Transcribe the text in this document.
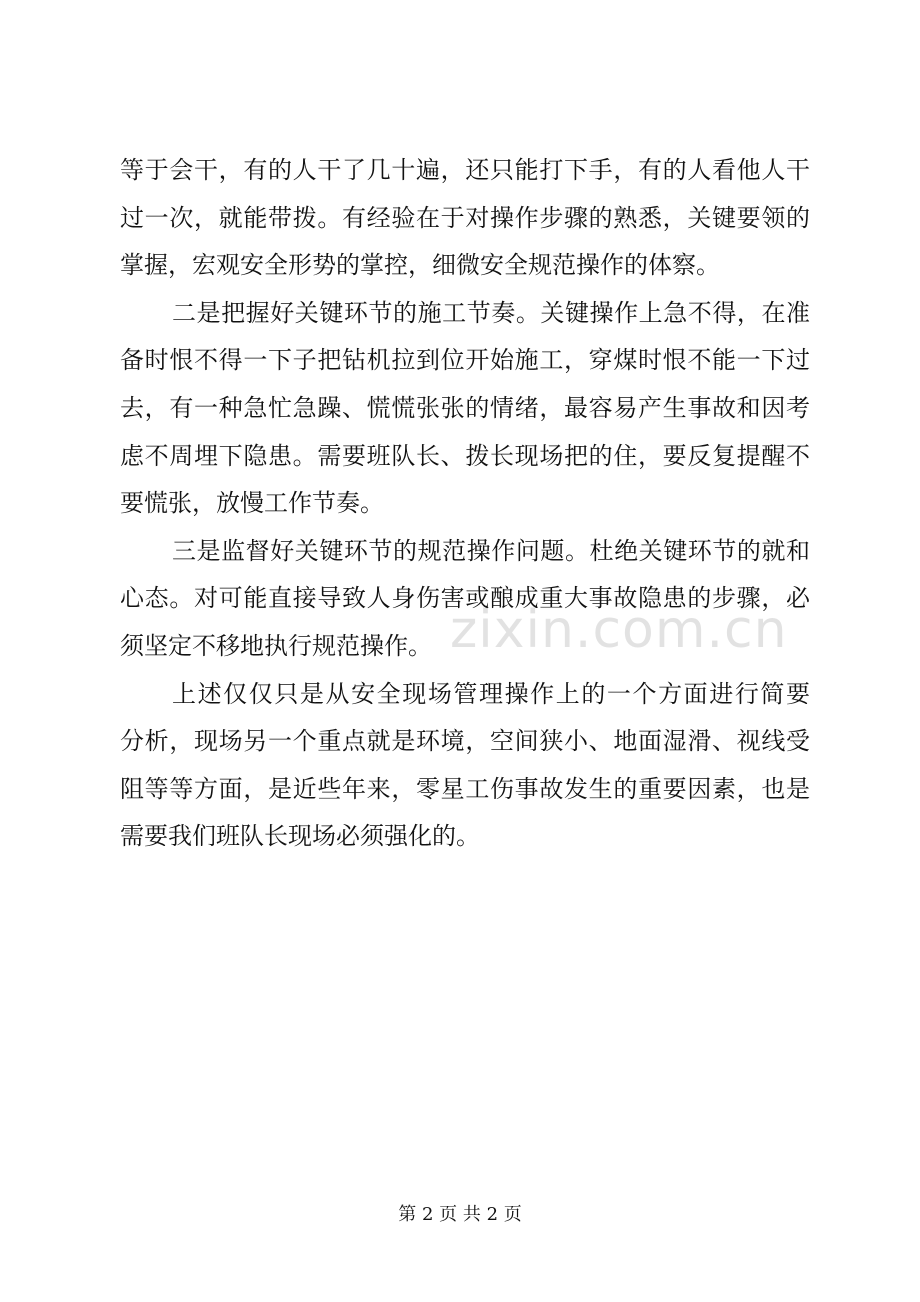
等于会干，有的人干了几十遍，还只能打下手，有的人看他人干
过一次，就能带拨。有经验在于对操作步骤的熟悉，关键要领的
掌握，宏观安全形势的掌控，细微安全规范操作的体察。
二是把握好关键环节的施工节奏。关键操作上急不得，在准
备时恨不得一下子把钻机拉到位开始施工，穿煤时恨不能一下过
去，有一种急忙急躁、慌慌张张的情绪，最容易产生事故和因考
虑不周埋下隐患。需要班队长、拨长现场把的住，要反复提醒不
要慌张，放慢工作节奏。
三是监督好关键环节的规范操作问题。杜绝关键环节的就和
心态。对可能直接导致人身伤害或酿成重大事故隐患的步骤，必
须坚定不移地执行规范操作。
上述仅仅只是从安全现场管理操作上的一个方面进行简要
分析，现场另一个重点就是环境，空间狭小、地面湿滑、视线受
阻等等方面，是近些年来，零星工伤事故发生的重要因素，也是
需要我们班队长现场必须强化的。
zixin.com.cn
第 2 页 共 2 页
